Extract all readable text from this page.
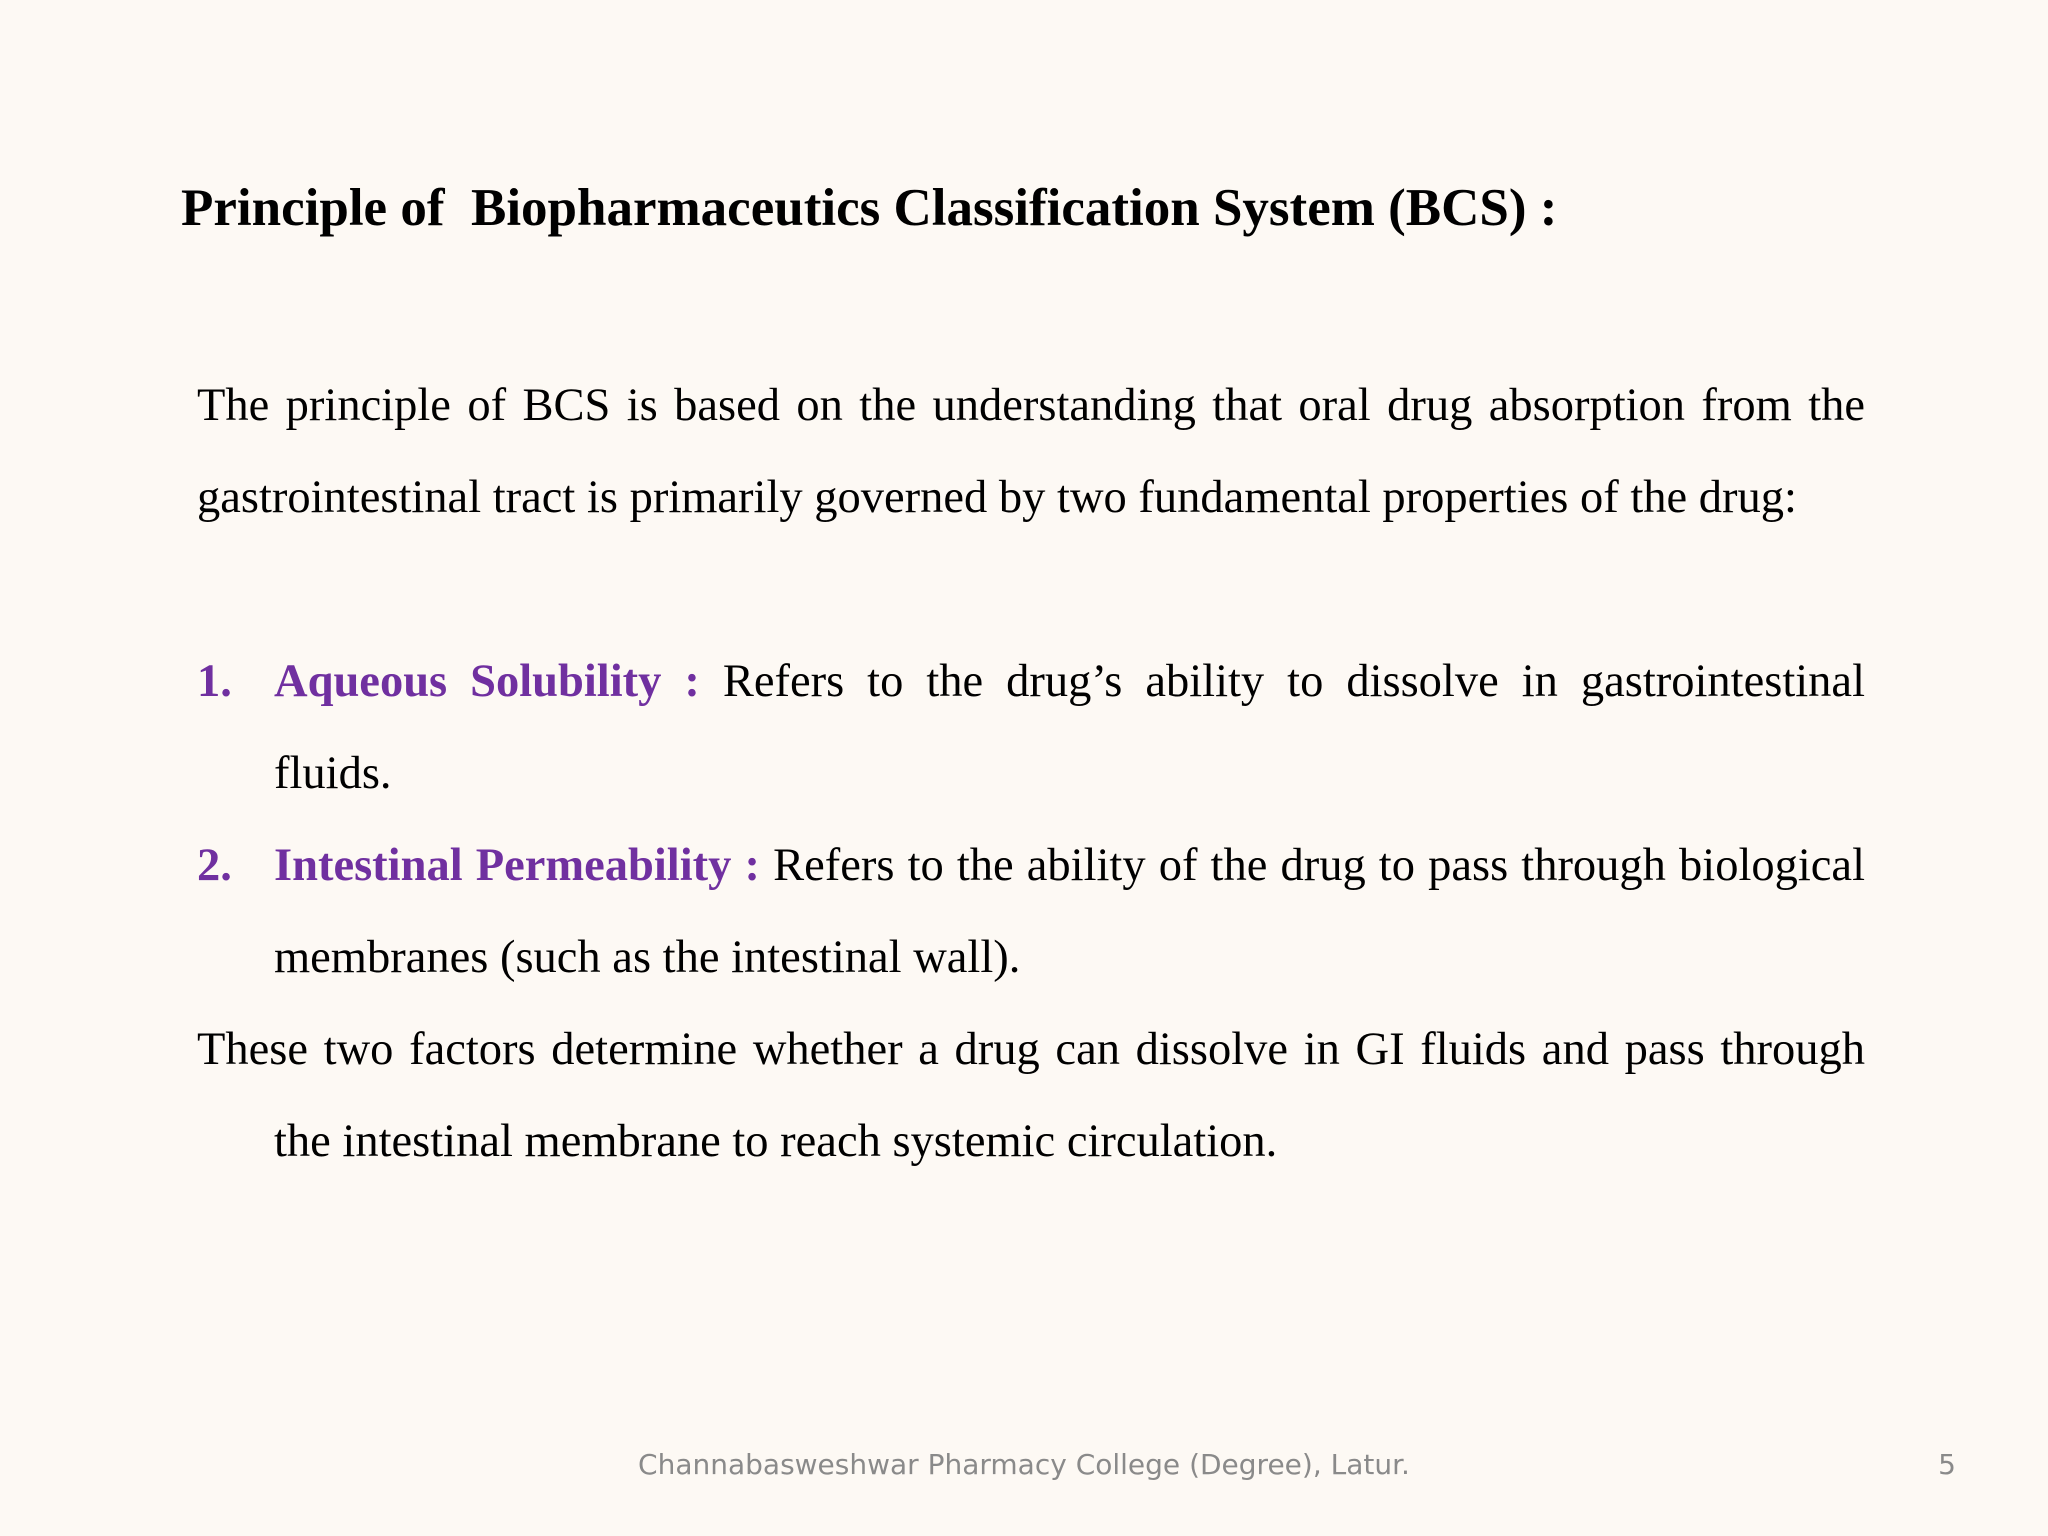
Principle of  Biopharmaceutics Classification System (BCS) :

The principle of BCS is based on the understanding that oral drug absorption from the gastrointestinal tract is primarily governed by two fundamental properties of the drug:

1. Aqueous Solubility : Refers to the drug’s ability to dissolve in gastrointestinal fluids.

2. Intestinal Permeability : Refers to the ability of the drug to pass through biological membranes (such as the intestinal wall).

These two factors determine whether a drug can dissolve in GI fluids and pass through the intestinal membrane to reach systemic circulation.

Channabasweshwar Pharmacy College (Degree), Latur.	5
